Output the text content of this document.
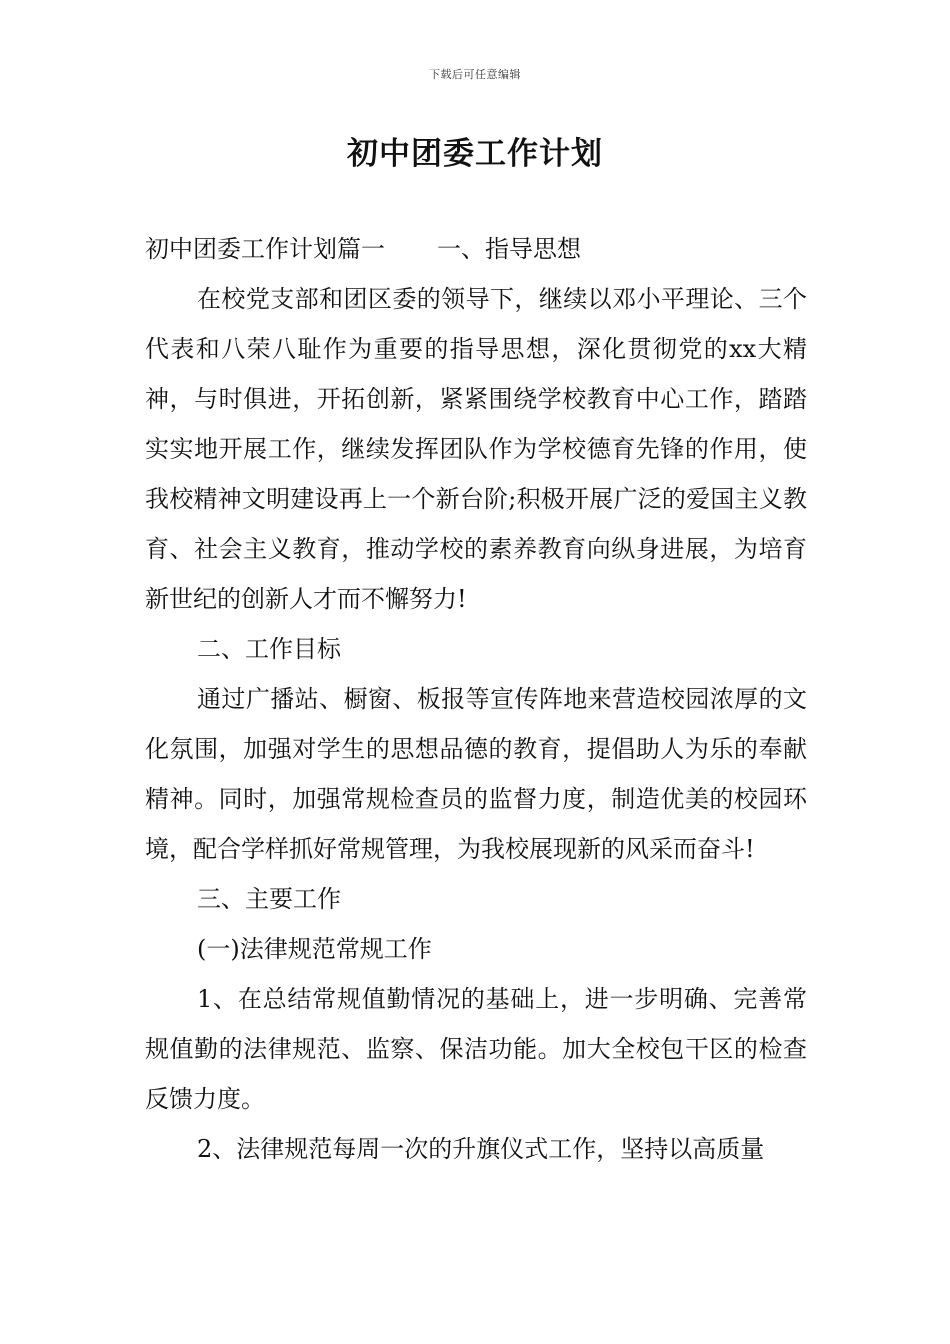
下载后可任意编辑
初中团委工作计划

初中团委工作计划篇一 一、指导思想

在校党支部和团区委的领导下，继续以邓小平理论、三个代表和八荣八耻作为重要的指导思想，深化贯彻党的xx大精神，与时俱进，开拓创新，紧紧围绕学校教育中心工作，踏踏实实地开展工作，继续发挥团队作为学校德育先锋的作用，使我校精神文明建设再上一个新台阶;积极开展广泛的爱国主义教育、社会主义教育，推动学校的素养教育向纵身进展，为培育新世纪的创新人才而不懈努力!

二、工作目标

通过广播站、橱窗、板报等宣传阵地来营造校园浓厚的文化氛围，加强对学生的思想品德的教育，提倡助人为乐的奉献精神。同时，加强常规检查员的监督力度，制造优美的校园环境，配合学样抓好常规管理，为我校展现新的风采而奋斗!

三、主要工作

(一)法律规范常规工作

1、在总结常规值勤情况的基础上，进一步明确、完善常规值勤的法律规范、监察、保洁功能。加大全校包干区的检查反馈力度。

2、法律规范每周一次的升旗仪式工作，坚持以高质量
